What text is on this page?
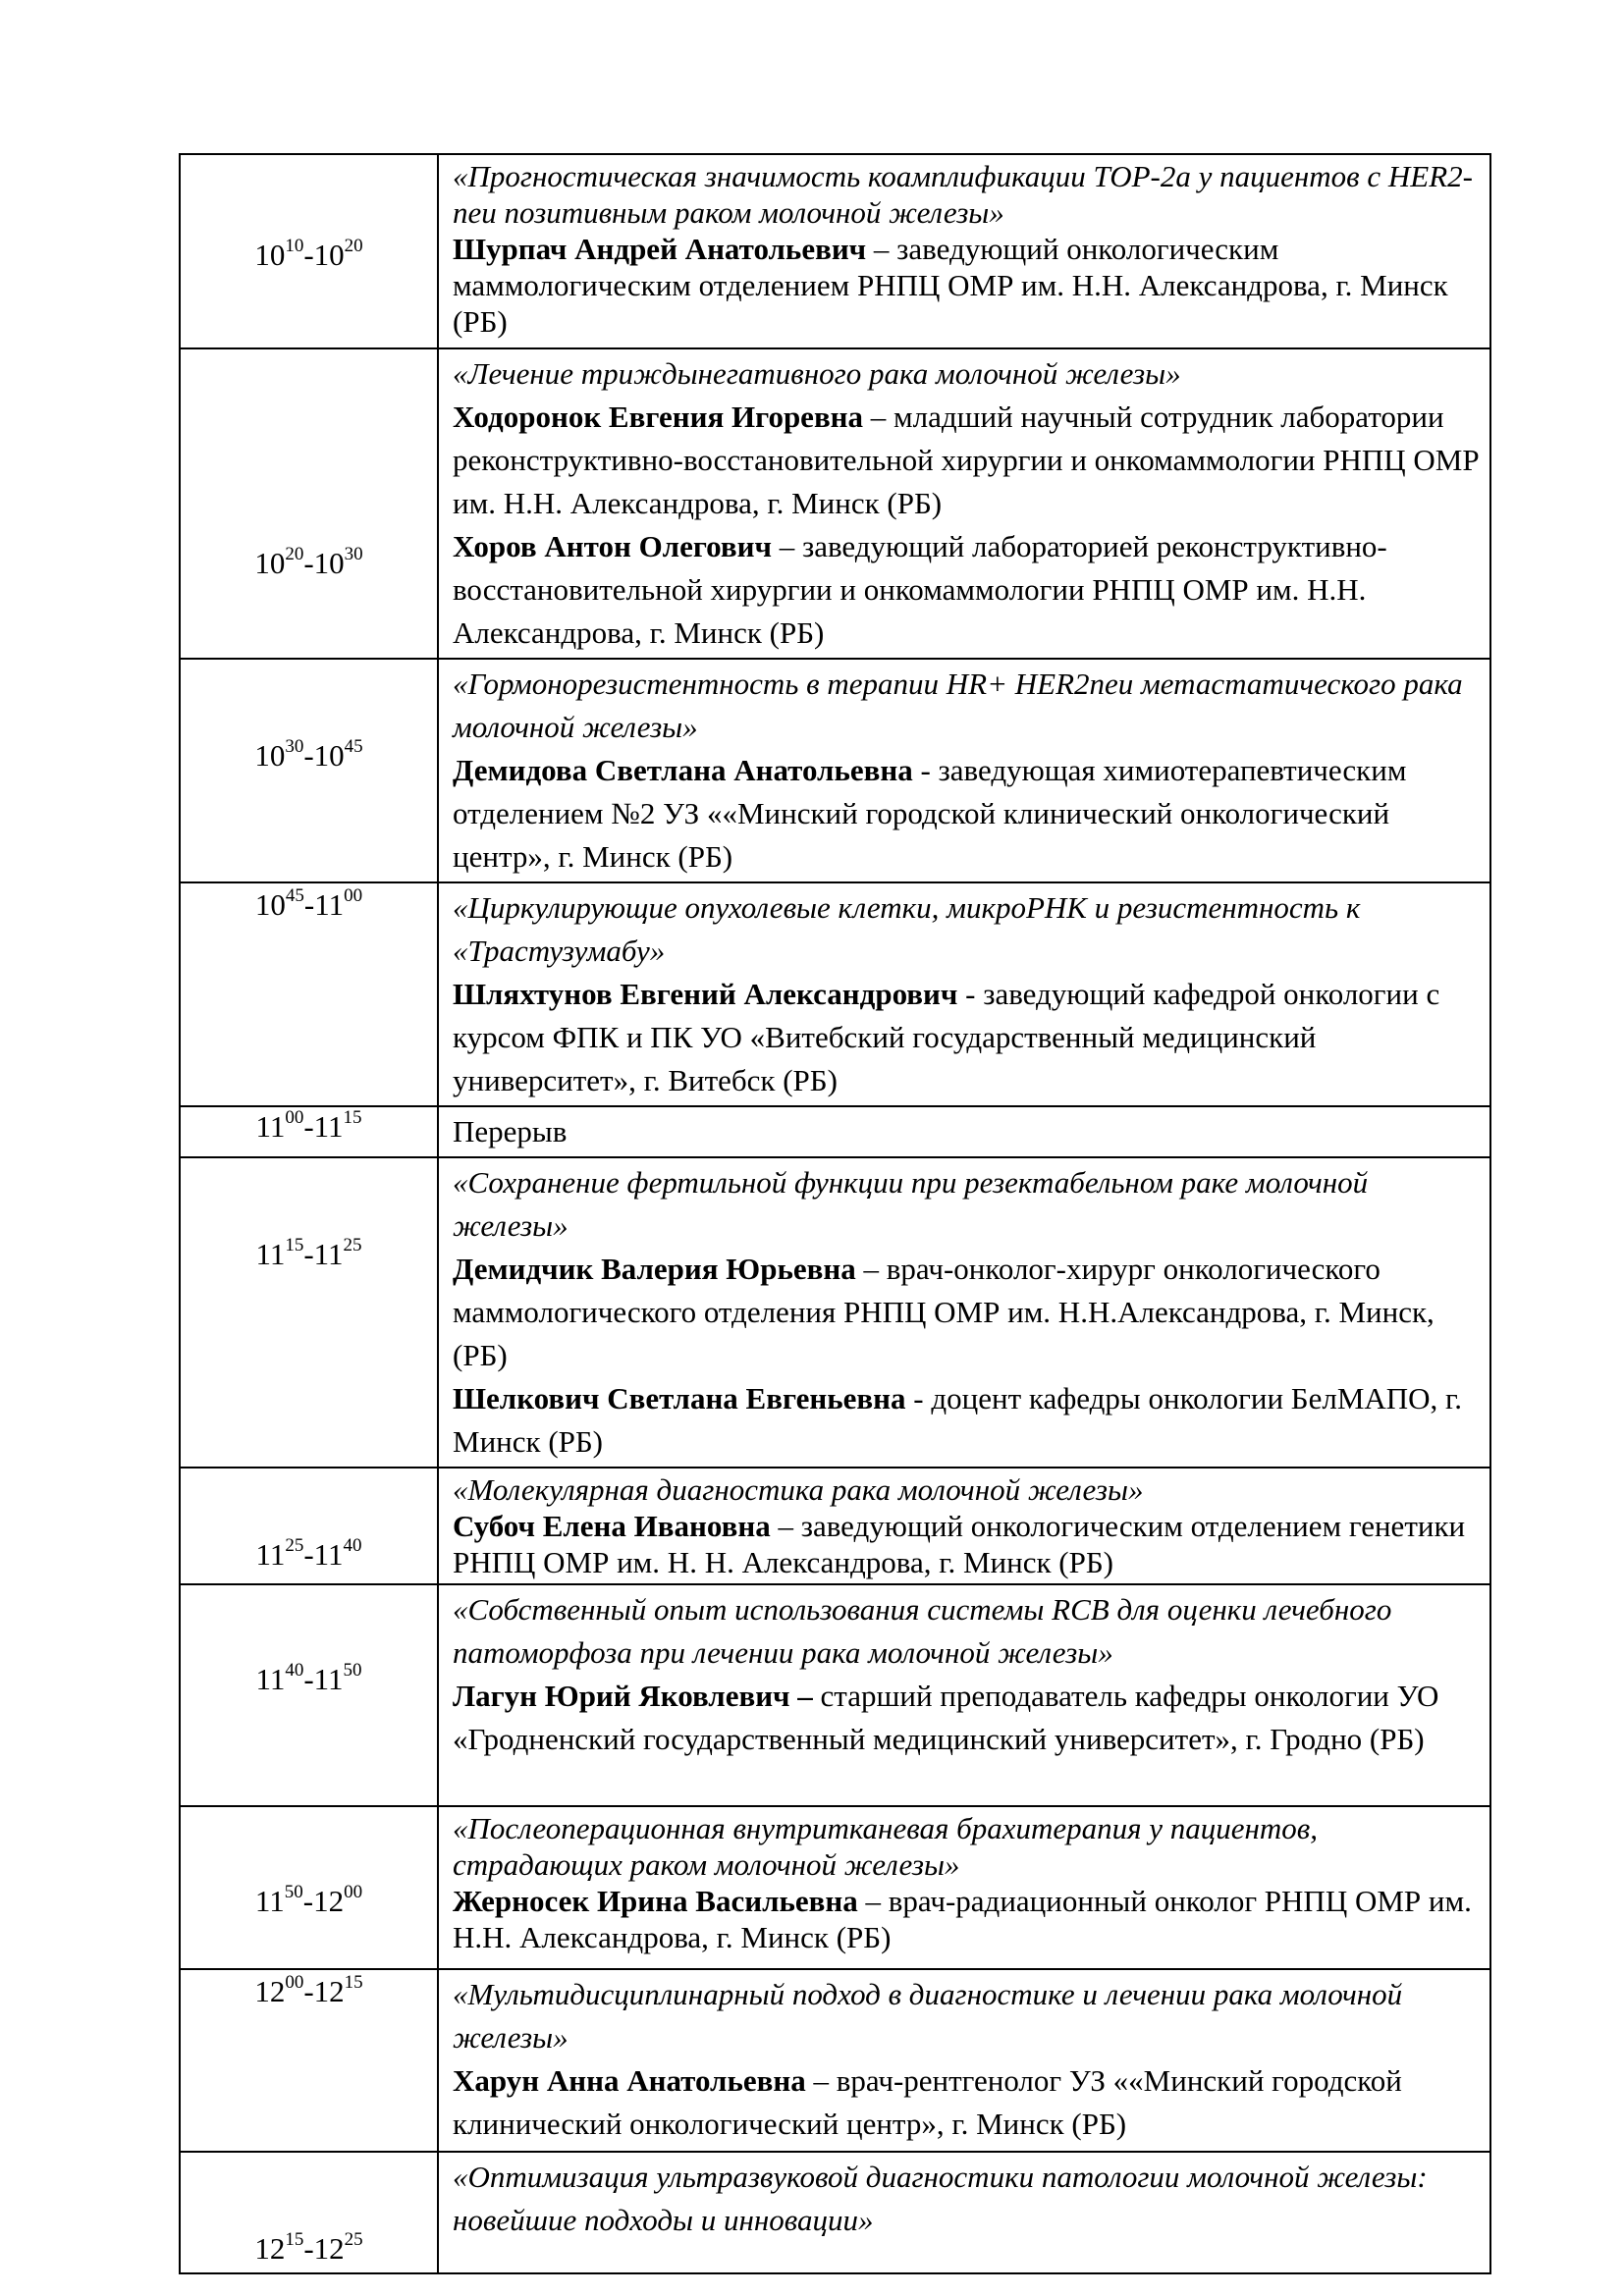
$10^{10}-10^{20}$	«Прогностическая значимость коамплификации TOP-2a у пациентов с HER2-neu позитивным раком молочной железы»
Шурпач Андрей Анатольевич – заведующий онкологическим маммологическим отделением РНПЦ ОМР им. Н.Н. Александрова, г. Минск (РБ)

$10^{20}-10^{30}$	«Лечение триждынегативного рака молочной железы»
Ходоронок Евгения Игоревна – младший научный сотрудник лаборатории реконструктивно-восстановительной хирургии и онкомаммологии РНПЦ ОМР им. Н.Н. Александрова, г. Минск (РБ)
Хоров Антон Олегович – заведующий лабораторией реконструктивно-восстановительной хирургии и онкомаммологии РНПЦ ОМР им. Н.Н. Александрова, г. Минск (РБ)

$10^{30}-10^{45}$	«Гормонорезистентность в терапии HR+ HER2neu метастатического рака молочной железы»
Демидова Светлана Анатольевна - заведующая химиотерапевтическим отделением №2 УЗ ««Минский городской клинический онкологический центр», г. Минск (РБ)

$10^{45}-11^{00}$	«Циркулирующие опухолевые клетки, микроРНК и резистентность к «Трастузумабу»
Шляхтунов Евгений Александрович - заведующий кафедрой онкологии с курсом ФПК и ПК УО «Витебский государственный медицинский университет», г. Витебск (РБ)

$11^{00}-11^{15}$	Перерыв

$11^{15}-11^{25}$	«Сохранение фертильной функции при резектабельном раке молочной железы»
Демидчик Валерия Юрьевна – врач-онколог-хирург онкологического маммологического отделения РНПЦ ОМР им. Н.Н.Александрова, г. Минск, (РБ)
Шелкович Светлана Евгеньевна - доцент кафедры онкологии БелМАПО, г. Минск (РБ)

$11^{25}-11^{40}$	«Молекулярная диагностика рака молочной железы»
Субоч Елена Ивановна – заведующий онкологическим отделением генетики РНПЦ ОМР им. Н. Н. Александрова, г. Минск (РБ)

$11^{40}-11^{50}$	«Собственный опыт использования системы RCB для оценки лечебного патоморфоза при лечении рака молочной железы»
Лагун Юрий Яковлевич – старший преподаватель кафедры онкологии УО «Гродненский государственный медицинский университет», г. Гродно (РБ)

$11^{50}-12^{00}$	«Послеоперационная внутритканевая брахитерапия у пациентов, страдающих раком молочной железы»
Жерносек Ирина Васильевна – врач-радиационный онколог РНПЦ ОМР им. Н.Н. Александрова, г. Минск (РБ)

$12^{00}-12^{15}$	«Мультидисциплинарный подход в диагностике и лечении рака молочной железы»
Харун Анна Анатольевна – врач-рентгенолог УЗ ««Минский городской клинический онкологический центр», г. Минск (РБ)

$12^{15}-12^{25}$	«Оптимизация ультразвуковой диагностики патологии молочной железы: новейшие подходы и инновации»
